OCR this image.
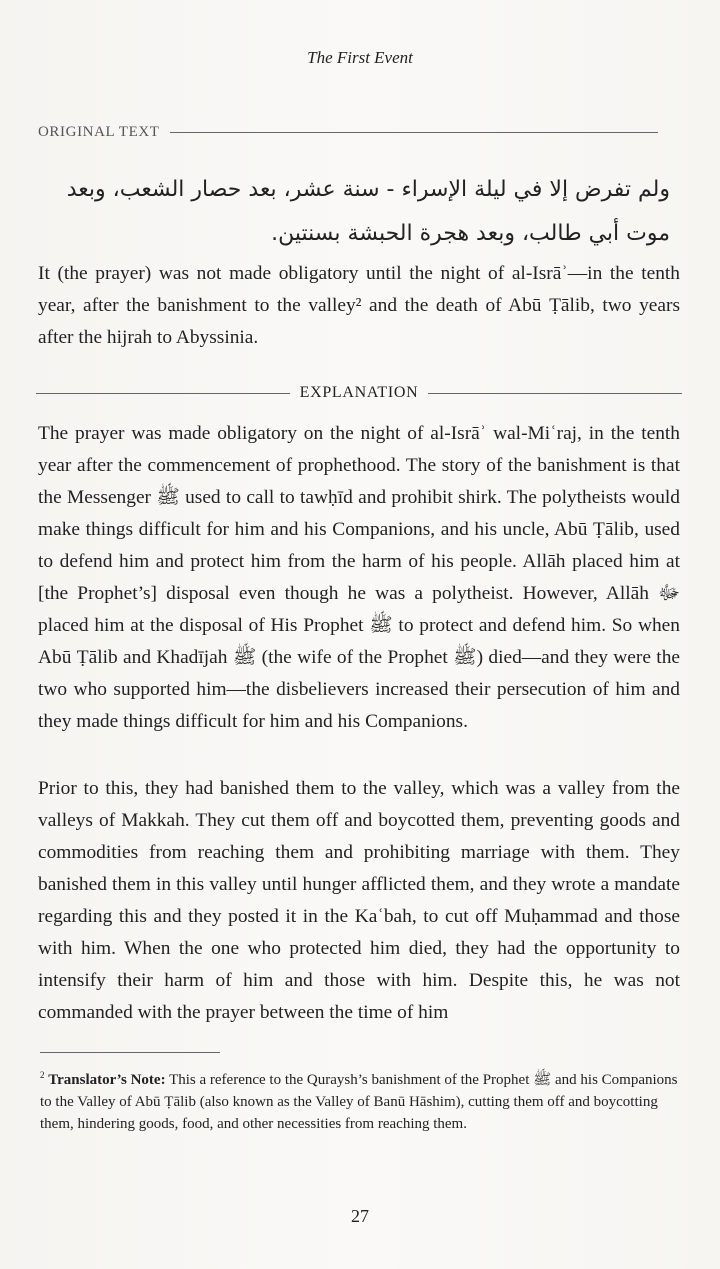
The First Event
ORIGINAL TEXT
ولم تفرض إلا في ليلة الإسراء - سنة عشر، بعد حصار الشعب، وبعد موت أبي طالب، وبعد هجرة الحبشة بسنتين.
It (the prayer) was not made obligatory until the night of al-Isrāʾ—in the tenth year, after the banishment to the valley² and the death of Abū Ṭālib, two years after the hijrah to Abyssinia.
EXPLANATION
The prayer was made obligatory on the night of al-Isrāʾ wal-Miʿraj, in the tenth year after the commencement of prophethood. The story of the banishment is that the Messenger ﷺ used to call to tawḥīd and prohibit shirk. The polytheists would make things difficult for him and his Companions, and his uncle, Abū Ṭālib, used to defend him and protect him from the harm of his people. Allāh placed him at [the Prophet’s] disposal even though he was a polytheist. However, Allāh ﷻ placed him at the disposal of His Prophet ﷺ to protect and defend him. So when Abū Ṭālib and Khadījah ﷺ (the wife of the Prophet ﷺ) died—and they were the two who supported him—the disbelievers increased their persecution of him and they made things difficult for him and his Companions.
Prior to this, they had banished them to the valley, which was a valley from the valleys of Makkah. They cut them off and boycotted them, preventing goods and commodities from reaching them and prohibiting marriage with them. They banished them in this valley until hunger afflicted them, and they wrote a mandate regarding this and they posted it in the Kaʿbah, to cut off Muḥammad and those with him. When the one who protected him died, they had the opportunity to intensify their harm of him and those with him. Despite this, he was not commanded with the prayer between the time of him
$^2$ Translator’s Note: This a reference to the Quraysh’s banishment of the Prophet ﷺ and his Companions to the Valley of Abū Ṭālib (also known as the Valley of Banū Hāshim), cutting them off and boycotting them, hindering goods, food, and other necessities from reaching them.
27
